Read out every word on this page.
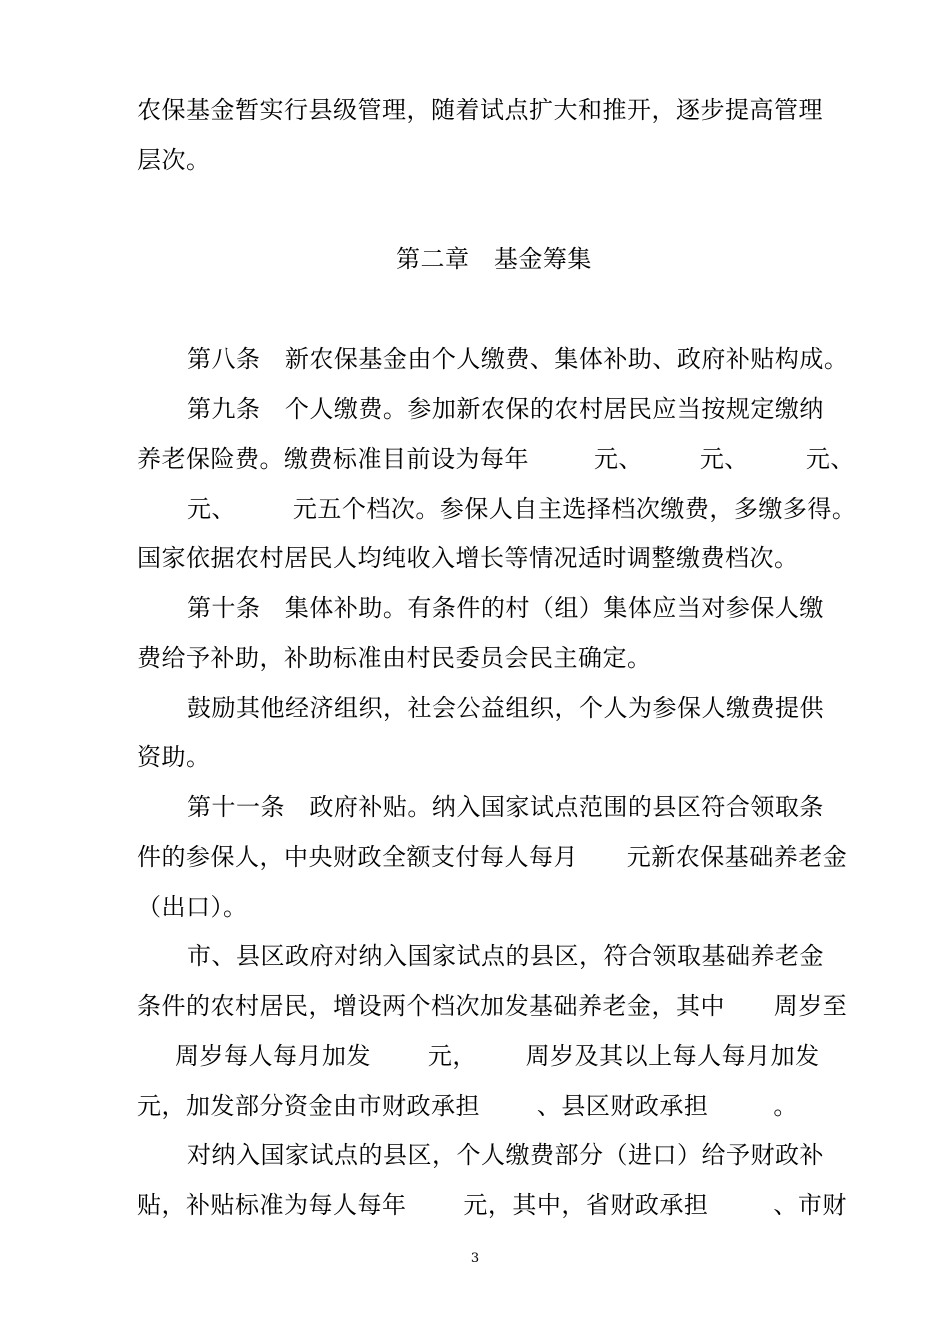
农保基金暂实行县级管理，随着试点扩大和推开，逐步提高管理
层次。
第二章   基金筹集
第八条   新农保基金由个人缴费、集体补助、政府补贴构成。
第九条   个人缴费。参加新农保的农村居民应当按规定缴纳
养老保险费。缴费标准目前设为每年        元、       元、       元、
元、       元五个档次。参保人自主选择档次缴费，多缴多得。
国家依据农村居民人均纯收入增长等情况适时调整缴费档次。
第十条   集体补助。有条件的村（组）集体应当对参保人缴
费给予补助，补助标准由村民委员会民主确定。
鼓励其他经济组织，社会公益组织，个人为参保人缴费提供
资助。
第十一条   政府补贴。纳入国家试点范围的县区符合领取条
件的参保人，中央财政全额支付每人每月      元新农保基础养老金
（出口）。
市、县区政府对纳入国家试点的县区，符合领取基础养老金
条件的农村居民，增设两个档次加发基础养老金，其中      周岁至
周岁每人每月加发       元，      周岁及其以上每人每月加发
元，加发部分资金由市财政承担       、县区财政承担        。
对纳入国家试点的县区，个人缴费部分（进口）给予财政补
贴，补贴标准为每人每年       元，其中，省财政承担        、市财
3
